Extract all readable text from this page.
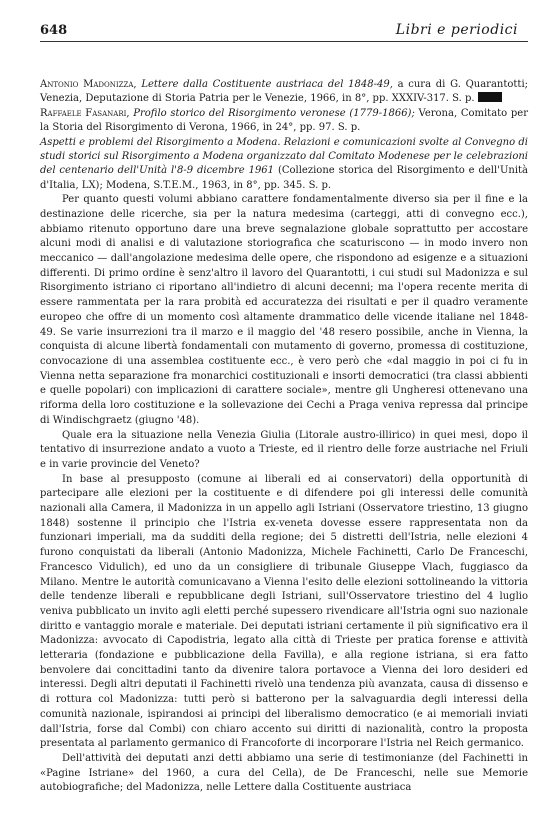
648	Libri e periodici

Antonio Madonizza, Lettere dalla Costituente austriaca del 1848-49, a cura di G. Quarantotti; Venezia, Deputazione di Storia Patria per le Venezie, 1966, in 8°, pp. XXXIV-317. S. p.

Raffaele Fasanari, Profilo storico del Risorgimento veronese (1779-1866); Verona, Comitato per la Storia del Risorgimento di Verona, 1966, in 24°, pp. 97. S. p.

Aspetti e problemi del Risorgimento a Modena. Relazioni e comunicazioni svolte al Convegno di studi storici sul Risorgimento a Modena organizzato dal Comitato Modenese per le celebrazioni del centenario dell'Unità l'8-9 dicembre 1961 (Collezione storica del Risorgimento e dell'Unità d'Italia, LX); Modena, S.T.E.M., 1963, in 8°, pp. 345. S. p.

Per quanto questi volumi abbiano carattere fondamentalmente diverso sia per il fine e la destinazione delle ricerche, sia per la natura medesima (carteggi, atti di convegno ecc.), abbiamo ritenuto opportuno dare una breve segnalazione globale soprattutto per accostare alcuni modi di analisi e di valutazione storiografica che scaturiscono — in modo invero non meccanico — dall'angolazione medesima delle opere, che rispondono ad esigenze e a situazioni differenti. Di primo ordine è senz'altro il lavoro del Quarantotti, i cui studi sul Madonizza e sul Risorgimento istriano ci riportano all'indietro di alcuni decenni; ma l'opera recente merita di essere rammentata per la rara probità ed accuratezza dei risultati e per il quadro veramente europeo che offre di un momento così altamente drammatico delle vicende italiane nel 1848-49. Se varie insurrezioni tra il marzo e il maggio del '48 resero possibile, anche in Vienna, la conquista di alcune libertà fondamentali con mutamento di governo, promessa di costituzione, convocazione di una assemblea costituente ecc., è vero però che «dal maggio in poi ci fu in Vienna netta separazione fra monarchici costituzionali e insorti democratici (tra classi abbienti e quelle popolari) con implicazioni di carattere sociale», mentre gli Ungheresi ottenevano una riforma della loro costituzione e la sollevazione dei Cechi a Praga veniva repressa dal principe di Windischgraetz (giugno '48).

Quale era la situazione nella Venezia Giulia (Litorale austro-illirico) in quei mesi, dopo il tentativo di insurrezione andato a vuoto a Trieste, ed il rientro delle forze austriache nel Friuli e in varie provincie del Veneto?

In base al presupposto (comune ai liberali ed ai conservatori) della opportunità di partecipare alle elezioni per la costituente e di difendere poi gli interessi delle comunità nazionali alla Camera, il Madonizza in un appello agli Istriani (Osservatore triestino, 13 giugno 1848) sostenne il principio che l'Istria ex-veneta dovesse essere rappresentata non da funzionari imperiali, ma da sudditi della regione; dei 5 distretti dell'Istria, nelle elezioni 4 furono conquistati da liberali (Antonio Madonizza, Michele Fachinetti, Carlo De Franceschi, Francesco Vidulich), ed uno da un consigliere di tribunale Giuseppe Vlach, fuggiasco da Milano. Mentre le autorità comunicavano a Vienna l'esito delle elezioni sottolineando la vittoria delle tendenze liberali e repubblicane degli Istriani, sull'Osservatore triestino del 4 luglio veniva pubblicato un invito agli eletti perché supessero rivendicare all'Istria ogni suo nazionale diritto e vantaggio morale e materiale. Dei deputati istriani certamente il più significativo era il Madonizza: avvocato di Capodistria, legato alla città di Trieste per pratica forense e attività letteraria (fondazione e pubblicazione della Favilla), e alla regione istriana, si era fatto benvolere dai concittadini tanto da divenire talora portavoce a Vienna dei loro desideri ed interessi. Degli altri deputati il Fachinetti rivelò una tendenza più avanzata, causa di dissenso e di rottura col Madonizza: tutti però si batterono per la salvaguardia degli interessi della comunità nazionale, ispirandosi ai principi del liberalismo democratico (e ai memoriali inviati dall'Istria, forse dal Combi) con chiaro accento sui diritti di nazionalità, contro la proposta presentata al parlamento germanico di Francoforte di incorporare l'Istria nel Reich germanico.

Dell'attività dei deputati anzi detti abbiamo una serie di testimonianze (del Fachinetti in «Pagine Istriane» del 1960, a cura del Cella), de De Franceschi, nelle sue Memorie autobiografiche; del Madonizza, nelle Lettere dalla Costituente austriaca
